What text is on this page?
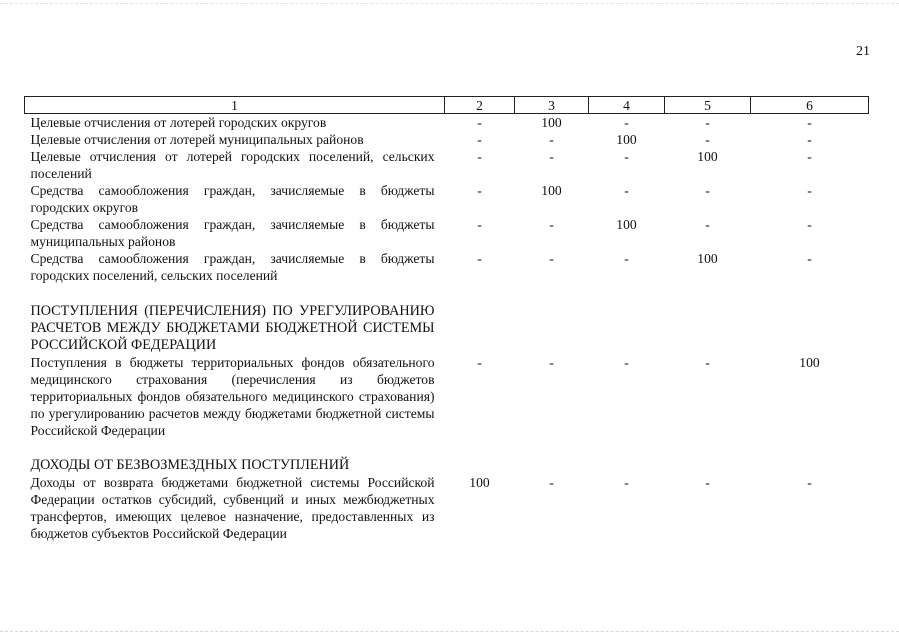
21
1	2	3	4	5	6
Целевые отчисления от лотерей городских округов	-	100	-	-	-
Целевые отчисления от лотерей муниципальных районов	-	-	100	-	-
Целевые отчисления от лотерей городских поселений, сельских поселений	-	-	-	100	-
Средства самообложения граждан, зачисляемые в бюджеты городских округов	-	100	-	-	-
Средства самообложения граждан, зачисляемые в бюджеты муниципальных районов	-	-	100	-	-
Средства самообложения граждан, зачисляемые в бюджеты городских поселений, сельских поселений	-	-	-	100	-

ПОСТУПЛЕНИЯ (ПЕРЕЧИСЛЕНИЯ) ПО УРЕГУЛИРОВАНИЮ РАСЧЕТОВ МЕЖДУ БЮДЖЕТАМИ БЮДЖЕТНОЙ СИСТЕМЫ РОССИЙСКОЙ ФЕДЕРАЦИИ					
Поступления в бюджеты территориальных фондов обязательного медицинского страхования (перечисления из бюджетов территориальных фондов обязательного медицинского страхования) по урегулированию расчетов между бюджетами бюджетной системы Российской Федерации	-	-	-	-	100

ДОХОДЫ ОТ БЕЗВОЗМЕЗДНЫХ ПОСТУПЛЕНИЙ					
Доходы от возврата бюджетами бюджетной системы Российской Федерации остатков субсидий, субвенций и иных межбюджетных трансфертов, имеющих целевое назначение, предоставленных из бюджетов субъектов Российской Федерации	100	-	-	-	-
